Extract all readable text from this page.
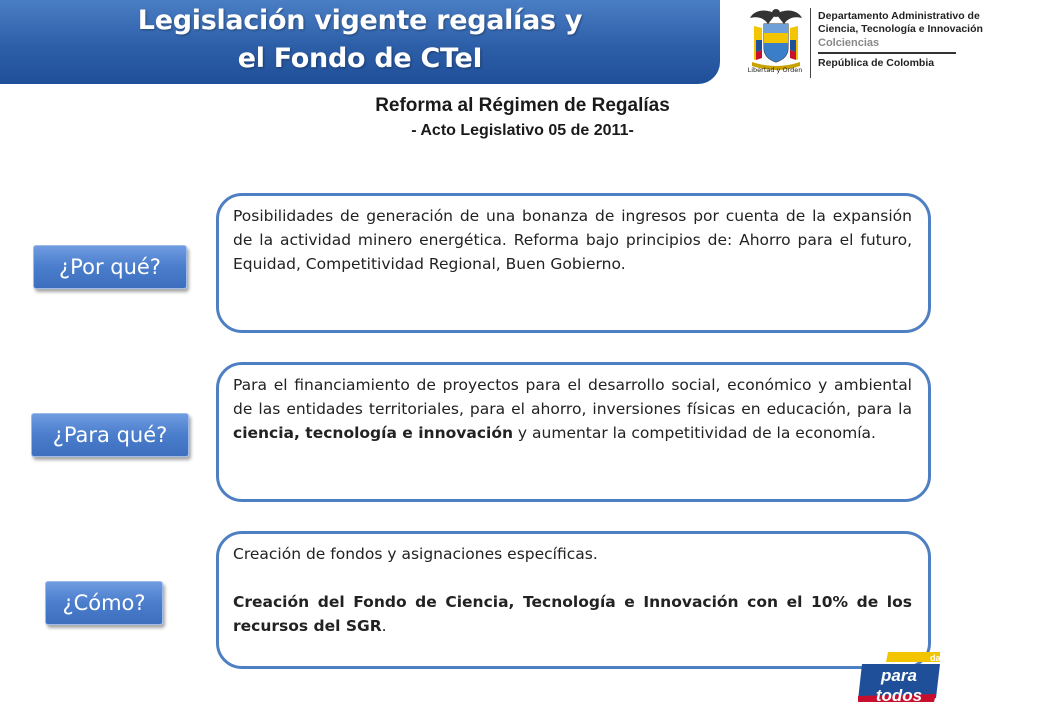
Legislación vigente regalías y
el Fondo de CTeI	Libertad y Orden
Departamento Administrativo de
Ciencia, Tecnología e Innovación
Colciencias
República de Colombia
Reforma al Régimen de Regalías
- Acto Legislativo 05 de 2011-
¿Por qué?
¿Para qué?
¿Cómo?

Posibilidades de generación de una bonanza de ingresos por cuenta de la expansión de la actividad minero energética. Reforma bajo principios de: Ahorro para el futuro, Equidad, Competitividad Regional, Buen Gobierno.

Para el financiamiento de proyectos para el desarrollo social, económico y ambiental de las entidades territoriales, para el ahorro, inversiones físicas en educación, para la ciencia, tecnología e innovación y aumentar la competitividad de la economía.

Creación de fondos y asignaciones específicas.

Creación del Fondo de Ciencia, Tecnología e Innovación con el 10% de los recursos del SGR.

dad
para todos
